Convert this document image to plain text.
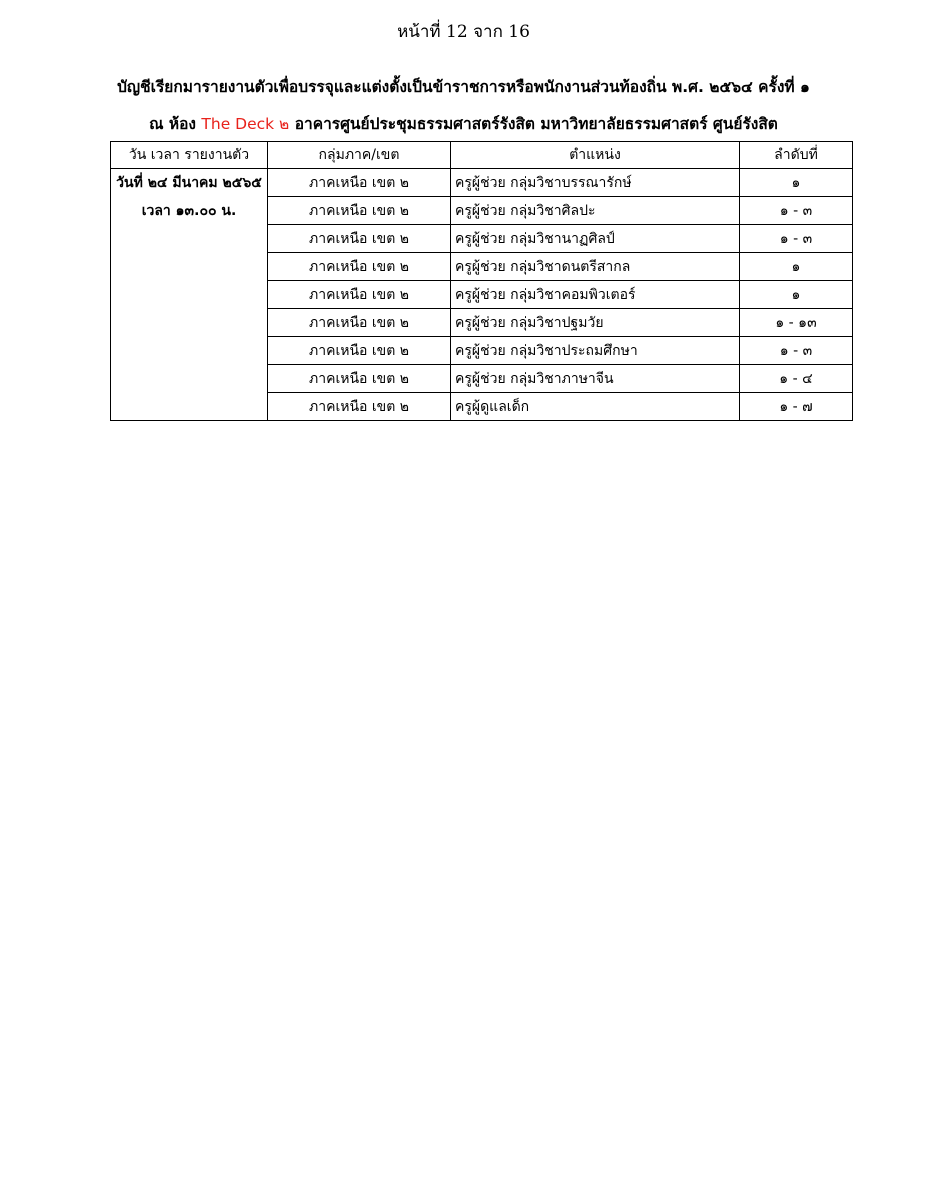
หน้าที่ 12 จาก 16
บัญชีเรียกมารายงานตัวเพื่อบรรจุและแต่งตั้งเป็นข้าราชการหรือพนักงานส่วนท้องถิ่น พ.ศ. ๒๕๖๔ ครั้งที่ ๑
ณ ห้อง The Deck ๒ อาคารศูนย์ประชุมธรรมศาสตร์รังสิต มหาวิทยาลัยธรรมศาสตร์ ศูนย์รังสิต
วัน เวลา รายงานตัว	กลุ่มภาค/เขต	ตำแหน่ง	ลำดับที่

วันที่ ๒๔ มีนาคม ๒๕๖๕
เวลา ๑๓.๐๐ น.	ภาคเหนือ เขต ๒	ครูผู้ช่วย กลุ่มวิชาบรรณารักษ์	๑
	ภาคเหนือ เขต ๒	ครูผู้ช่วย กลุ่มวิชาศิลปะ	๑ - ๓
	ภาคเหนือ เขต ๒	ครูผู้ช่วย กลุ่มวิชานาฏศิลป์	๑ - ๓
	ภาคเหนือ เขต ๒	ครูผู้ช่วย กลุ่มวิชาดนตรีสากล	๑
	ภาคเหนือ เขต ๒	ครูผู้ช่วย กลุ่มวิชาคอมพิวเตอร์	๑
	ภาคเหนือ เขต ๒	ครูผู้ช่วย กลุ่มวิชาปฐมวัย	๑ - ๑๓
	ภาคเหนือ เขต ๒	ครูผู้ช่วย กลุ่มวิชาประถมศึกษา	๑ - ๓
	ภาคเหนือ เขต ๒	ครูผู้ช่วย กลุ่มวิชาภาษาจีน	๑ - ๔
	ภาคเหนือ เขต ๒	ครูผู้ดูแลเด็ก	๑ - ๗
